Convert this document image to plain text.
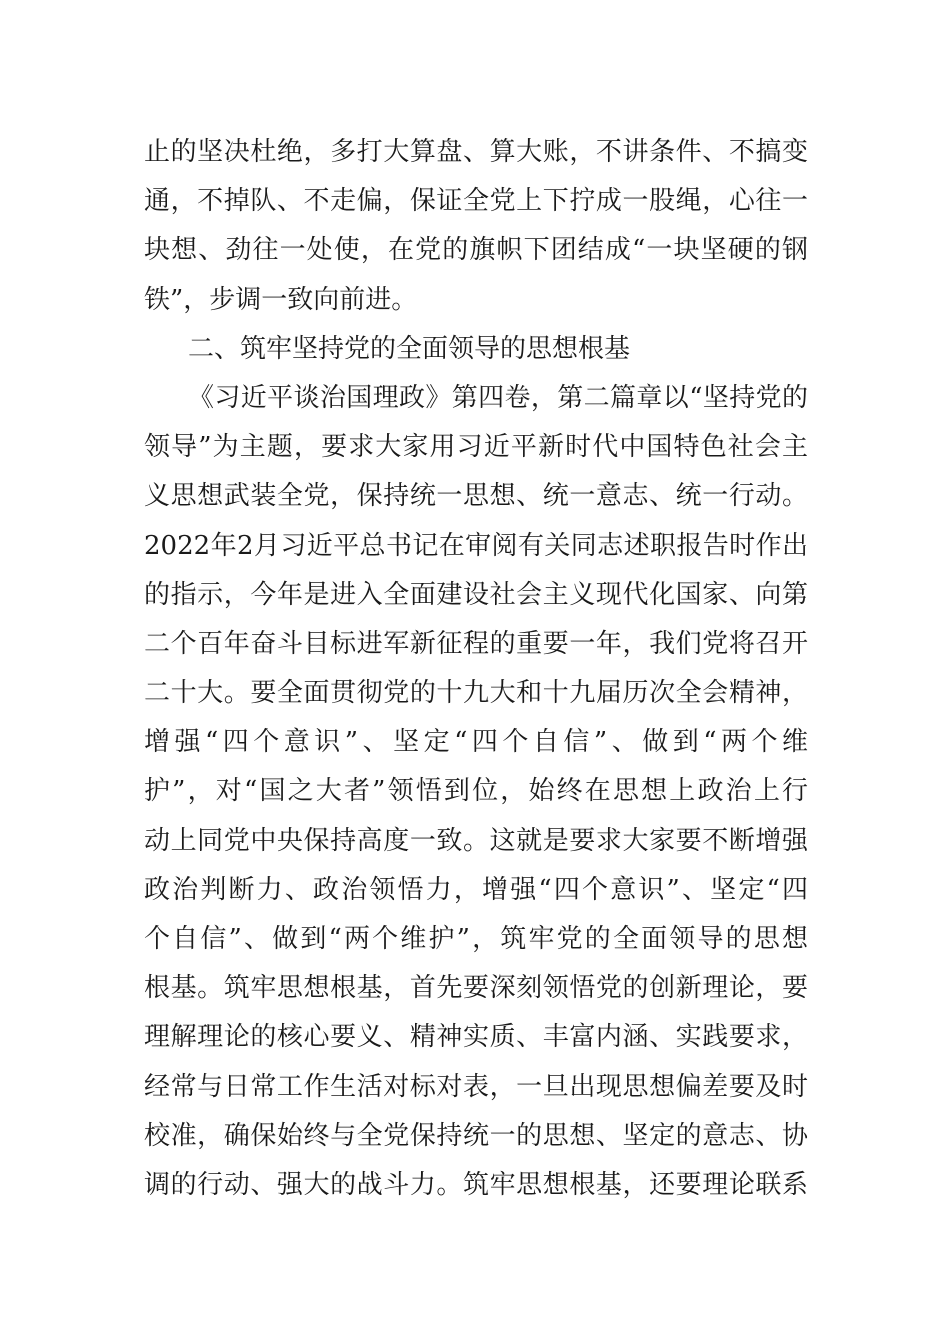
止的坚决杜绝，多打大算盘、算大账，不讲条件、不搞变
通，不掉队、不走偏，保证全党上下拧成一股绳，心往一
块想、劲往一处使，在党的旗帜下团结成“一块坚硬的钢
铁”，步调一致向前进。
二、筑牢坚持党的全面领导的思想根基
《习近平谈治国理政》第四卷，第二篇章以“坚持党的
领导”为主题，要求大家用习近平新时代中国特色社会主
义思想武装全党，保持统一思想、统一意志、统一行动。
2022年2月习近平总书记在审阅有关同志述职报告时作出
的指示，今年是进入全面建设社会主义现代化国家、向第
二个百年奋斗目标进军新征程的重要一年，我们党将召开
二十大。要全面贯彻党的十九大和十九届历次全会精神，
增强“四个意识”、坚定“四个自信”、做到“两个维
护”，对“国之大者”领悟到位，始终在思想上政治上行
动上同党中央保持高度一致。这就是要求大家要不断增强
政治判断力、政治领悟力，增强“四个意识”、坚定“四
个自信”、做到“两个维护”，筑牢党的全面领导的思想
根基。筑牢思想根基，首先要深刻领悟党的创新理论，要
理解理论的核心要义、精神实质、丰富内涵、实践要求，
经常与日常工作生活对标对表，一旦出现思想偏差要及时
校准，确保始终与全党保持统一的思想、坚定的意志、协
调的行动、强大的战斗力。筑牢思想根基，还要理论联系
